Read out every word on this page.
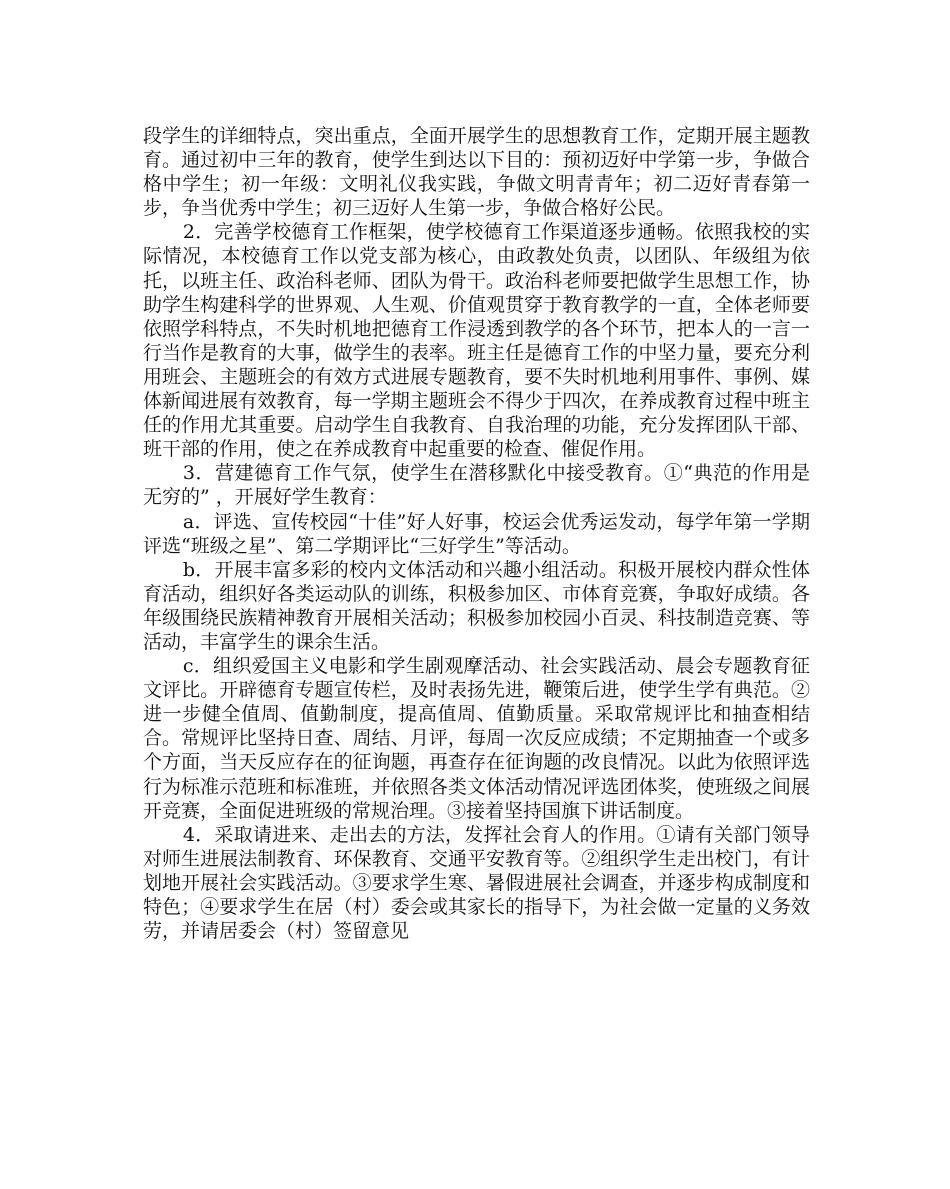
段学生的详细特点，突出重点，全面开展学生的思想教育工作，定期开展主题教育。通过初中三年的教育，使学生到达以下目的：预初迈好中学第一步，争做合格中学生；初一年级：文明礼仪我实践，争做文明青青年；初二迈好青春第一步，争当优秀中学生；初三迈好人生第一步，争做合格好公民。

2．完善学校德育工作框架，使学校德育工作渠道逐步通畅。依照我校的实际情况，本校德育工作以党支部为核心，由政教处负责，以团队、年级组为依托，以班主任、政治科老师、团队为骨干。政治科老师要把做学生思想工作，协助学生构建科学的世界观、人生观、价值观贯穿于教育教学的一直，全体老师要依照学科特点，不失时机地把德育工作浸透到教学的各个环节，把本人的一言一行当作是教育的大事，做学生的表率。班主任是德育工作的中坚力量，要充分利用班会、主题班会的有效方式进展专题教育，要不失时机地利用事件、事例、媒体新闻进展有效教育，每一学期主题班会不得少于四次，在养成教育过程中班主任的作用尤其重要。启动学生自我教育、自我治理的功能，充分发挥团队干部、班干部的作用，使之在养成教育中起重要的检查、催促作用。

3．营建德育工作气氛，使学生在潜移默化中接受教育。①“典范的作用是无穷的” ，开展好学生教育：

a．评选、宣传校园“十佳”好人好事，校运会优秀运发动，每学年第一学期评选“班级之星”、第二学期评比“三好学生”等活动。

b．开展丰富多彩的校内文体活动和兴趣小组活动。积极开展校内群众性体育活动，组织好各类运动队的训练，积极参加区、市体育竞赛，争取好成绩。各年级围绕民族精神教育开展相关活动；积极参加校园小百灵、科技制造竞赛、等活动，丰富学生的课余生活。

c．组织爱国主义电影和学生剧观摩活动、社会实践活动、晨会专题教育征文评比。开辟德育专题宣传栏，及时表扬先进，鞭策后进，使学生学有典范。②进一步健全值周、值勤制度，提高值周、值勤质量。采取常规评比和抽查相结合。常规评比坚持日查、周结、月评，每周一次反应成绩；不定期抽查一个或多个方面，当天反应存在的征询题，再查存在征询题的改良情况。以此为依照评选行为标准示范班和标准班，并依照各类文体活动情况评选团体奖，使班级之间展开竞赛，全面促进班级的常规治理。③接着坚持国旗下讲话制度。

4．采取请进来、走出去的方法，发挥社会育人的作用。①请有关部门领导对师生进展法制教育、环保教育、交通平安教育等。②组织学生走出校门，有计划地开展社会实践活动。③要求学生寒、暑假进展社会调查，并逐步构成制度和特色；④要求学生在居（村）委会或其家长的指导下，为社会做一定量的义务效劳，并请居委会（村）签留意见
